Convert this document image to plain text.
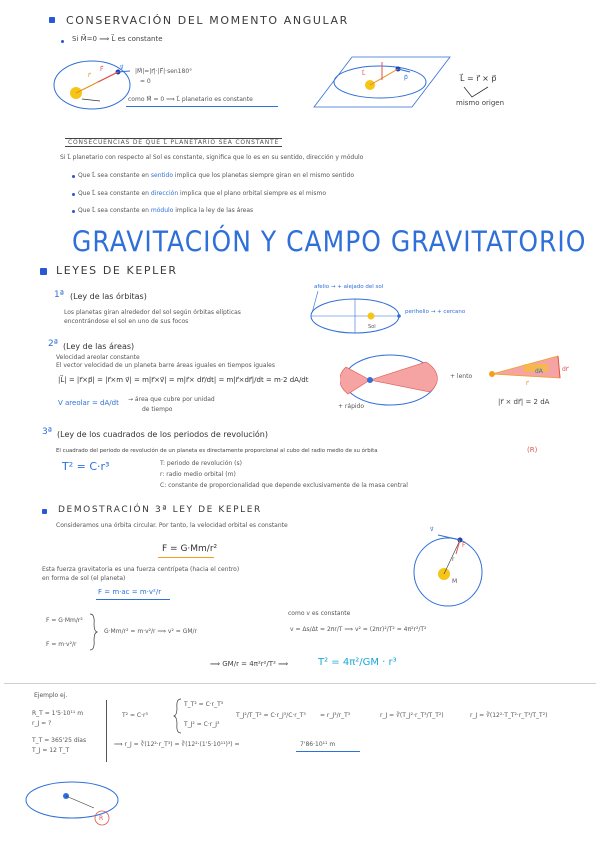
CONSERVACIÓN DEL MOMENTO ANGULAR
Si M⃗=0 ⟹ L⃗ es constante
r⃗
F⃗	v⃗
|M⃗|=|r⃗|·|F⃗|·sen180°
= 0
como M⃗ = 0 ⟹ L⃗ planetario es constante
L⃗
p⃗	L⃗ = r⃗ × p⃗
mismo origen
CONSECUENCIAS DE QUE L⃗ PLANETARIO SEA CONSTANTE
Si L⃗ planetario con respecto al Sol es constante, significa que lo es en su sentido, dirección y módulo
Que L⃗ sea constante en sentido implica que los planetas siempre giran en el mismo sentido
Que L⃗ sea constante en dirección implica que el plano orbital siempre es el mismo
Que L⃗ sea constante en módulo implica la ley de las áreas
GRAVITACIÓN Y CAMPO GRAVITATORIO
LEYES DE KEPLER
1ª (Ley de las órbitas)
Los planetas giran alrededor del sol según órbitas elípticas
encontrándose el sol en uno de sus focos
afelio → + alejado del sol
perihelio → + cercano
Sol
2ª (Ley de las áreas)
Velocidad areolar constante
El vector velocidad de un planeta barre áreas iguales en tiempos iguales
|L⃗| = |r⃗×p⃗| = |r⃗×m v⃗| = m|r⃗×v⃗| = m|r⃗× dr⃗/dt| = m|r⃗×dr⃗|/dt = m·2 dA/dt
V areolar = dA/dt → área que cubre por unidad
de tiempo
+ lento
+ rápido
dA	dr⃗
r⃗
|r⃗ × dr⃗| = 2 dA
3ª (Ley de los cuadrados de los periodos de revolución)
El cuadrado del periodo de revolución de un planeta es directamente proporcional al cubo del radio medio de su órbita	(R)
T² = C·r³	T: periodo de revolución (s)
r: radio medio orbital (m)
C: constante de proporcionalidad que depende exclusivamente de la masa central
DEMOSTRACIÓN 3ª LEY DE KEPLER
Consideramos una órbita circular. Por tanto, la velocidad orbital es constante
F = G·Mm/r²
Esta fuerza gravitatoria es una fuerza centrípeta (hacia el centro)
en forma de sol (el planeta)
F = m·ac = m·v²/r
v⃗
F⃗
M
r
F = G·Mm/r²
F = m·v²/r
G·Mm/r² = m·v²/r ⟹ v² = GM/r
como v es constante
v = Δs/Δt = 2πr/T ⟹ v² = (2πr)²/T² = 4π²r²/T²
⟹ GM/r = 4π²r²/T² ⟹	T² = 4π²/GM · r³
Ejemplo ej.
R_T = 1'5·10¹¹ m
r_J = ?
T_T = 365'25 días
T_J = 12 T_T
T² = C·r³
T_T² = C·r_T³
T_J² = C·r_J³
T_J²/T_T² = C·r_J³/C·r_T³ = r_J³/r_T³	r_J = ∛(T_J²·r_T³/T_T²)	r_J = ∛(12²·T_T²·r_T³/T_T²)
⟹ r_J = ∛(12²·r_T³) = ∛(12²·(1'5·10¹¹)³) =	7'86·10¹¹ m
R
